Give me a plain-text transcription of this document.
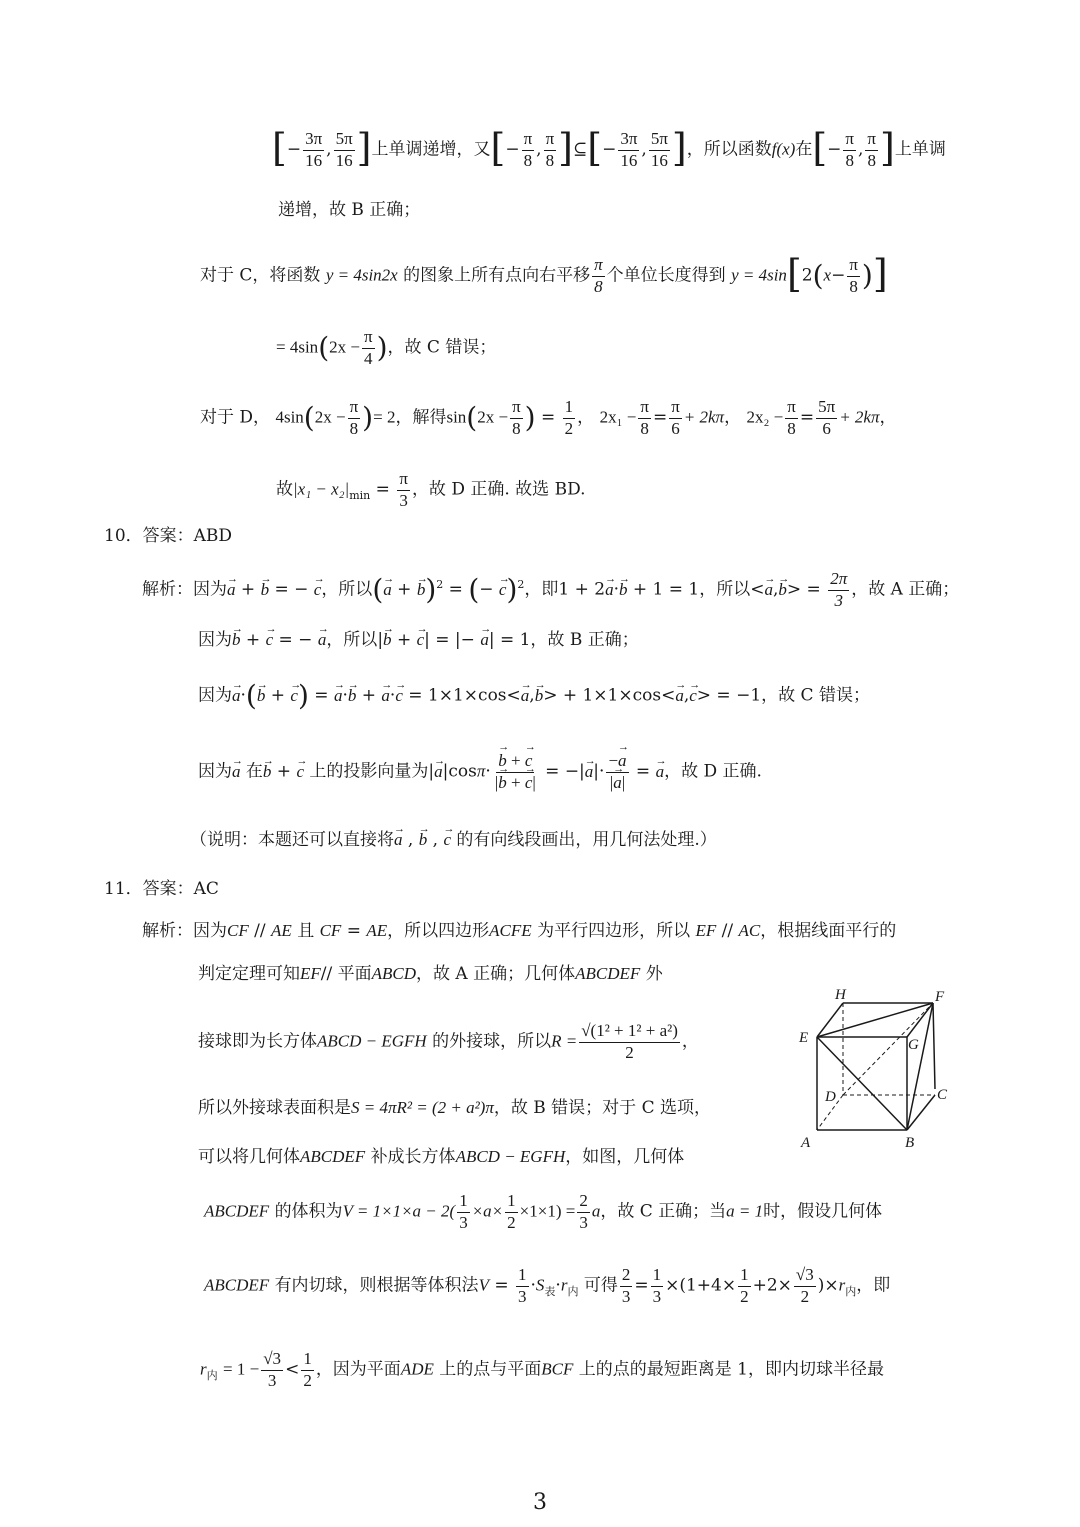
[− $\frac{3\pi}{16}$ , $\frac{5\pi}{16}$ ]上单调递增，又[− $\frac{\pi}{8}$ , $\frac{\pi}{8}$ ]⊆[− $\frac{3\pi}{16}$ , $\frac{5\pi}{16}$ ]，所以函数f(x)在[− $\frac{\pi}{8}$ , $\frac{\pi}{8}$ ]上单调
递增，故 B 正确；
对于 C，将函数 y = 4sin2x 的图象上所有点向右平移 $\frac{\pi}{8}$ 个单位长度得到 $y = 4\sin[2(x- \frac{\pi}{8}$ )]
= $4\sin(2x - \frac{\pi}{4}$ )，故 C 错误；
对于 D， $4\sin(2x - \frac{\pi}{8}$ )= 2，解得$\sin(2x - \frac{\pi}{8}$ ) = $\frac{1}{2}$ ， $2x_1 - \frac{\pi}{8} = \frac{\pi}{6} + 2k\pi$， $2x_2 - \frac{\pi}{8} = \frac{5\pi}{6} + 2k\pi$，
故$|x_1 - x_2|_{min} = \frac{\pi}{3}$ ，故 D 正确. 故选 BD.
10．答案：ABD
解析：因为→ a + → b = − → c，所以(→ a + → b)$^2$ = (− → c)$^2$，即1 + 2→ a·→ b + 1 = 1，所以<→ $a,\to b> = \frac{2\pi}{3}$ ，故 A 正确；
因为→ b + → c = − → a，所以|→ b + → c| = |− → a| = 1，故 B 正确；
因为→ a·(→ b + → c) = → a·→ b + → a·→ c = 1×1×cos<→ a,→ b> + 1×1×cos<→ a,→ c> = −1，故 C 错误；
因为→ a 在→ b + → c 上的投影向量为|→ a|cosπ·
→ $\frac{b + \to c}{|\to b + \to c|}$ = −|→ $a|\cdot \frac{-\to a}{|\to a|}$ = → a，故 D 正确.
（说明：本题还可以直接将→ a , → b , → c 的有向线段画出，用几何法处理.）
11．答案：AC
解析：因为CF // AE 且 CF = AE，所以四边形ACFE 为平行四边形，所以 EF // AC，根据线面平行的
判定定理可知EF// 平面ABCD，故 A 正确；几何体ABCDEF 外
接球即为长方体ABCD − EGFH 的外接球，所以$R = \frac{\text{√(1² + 1² + a²)}}{2}$ ，
所以外接球表面积是S = 4πR² = (2 + a²)π，故 B 错误；对于 C 选项，
可以将几何体ABCDEF 补成长方体ABCD − EGFH，如图，几何体
ABCDEF 的体积为$V = 1\times 1\times a - 2( \frac{1}{3} \times a\times \frac{1}{2} \times 1\times 1) = \frac{2}{3}$ a，故 C 正确；当a = 1时，假设几何体
ABCDEF 有内切球，则根据等体积法$V = \frac{1}{3} \cdot S_表\cdot r_内$ 可得 $\frac{2}{3} = \frac{1}{3} \times(1+4\times \frac{1}{2} +2\times \frac{√3}{2} )\times r_内$，即
$r_内 = 1 - \frac{√3}{3} < \frac{1}{2}$ ，因为平面ADE 上的点与平面BCF 上的点的最短距离是 1，即内切球半径最
H	F
E	G
D	C
A	B
3
